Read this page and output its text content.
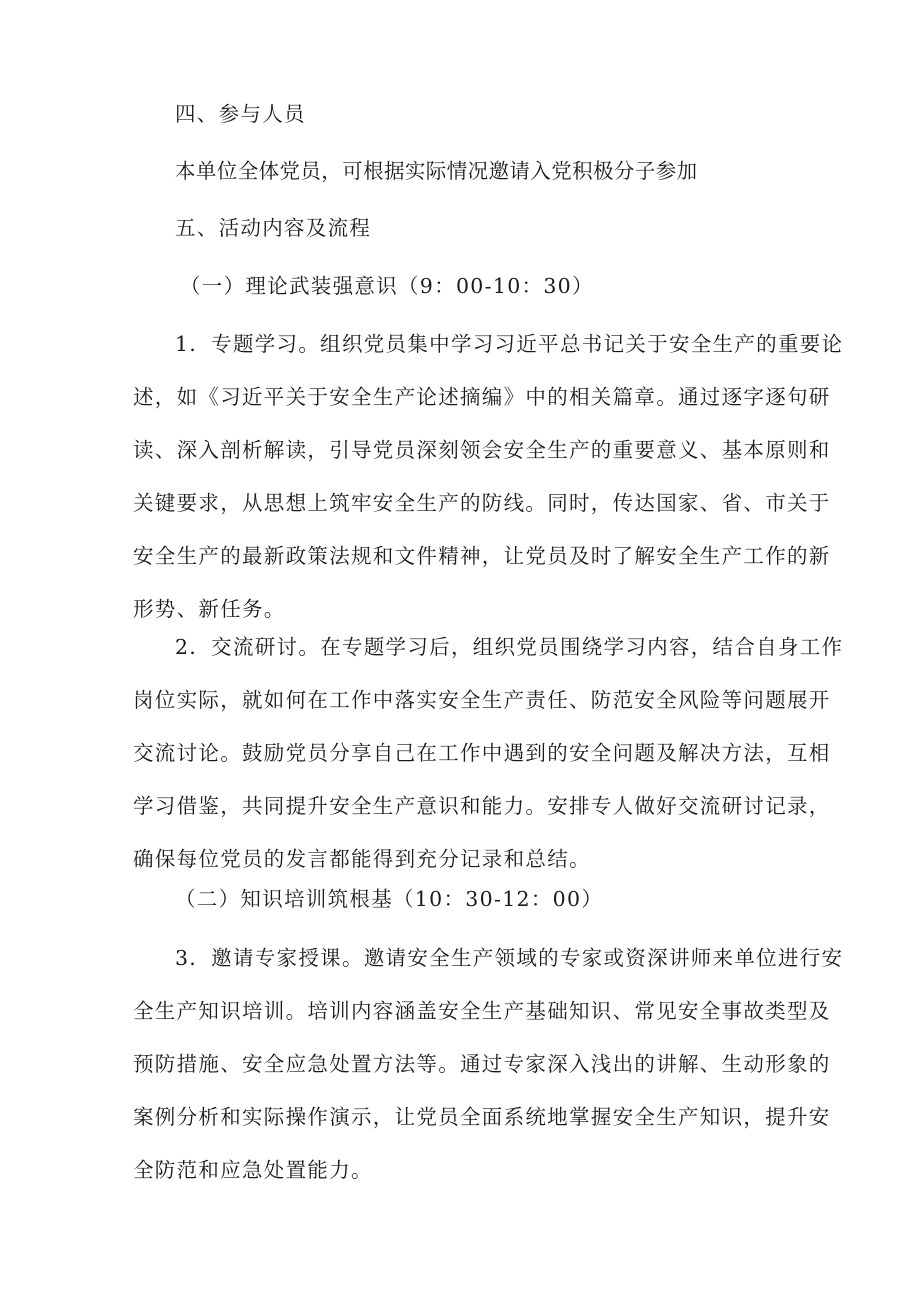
四、参与人员
本单位全体党员，可根据实际情况邀请入党积极分子参加
五、活动内容及流程
（一）理论武装强意识（9：00-10：30）
1．专题学习。组织党员集中学习习近平总书记关于安全生产的重要论
述，如《习近平关于安全生产论述摘编》中的相关篇章。通过逐字逐句研
读、深入剖析解读，引导党员深刻领会安全生产的重要意义、基本原则和
关键要求，从思想上筑牢安全生产的防线。同时，传达国家、省、市关于
安全生产的最新政策法规和文件精神，让党员及时了解安全生产工作的新
形势、新任务。
2．交流研讨。在专题学习后，组织党员围绕学习内容，结合自身工作
岗位实际，就如何在工作中落实安全生产责任、防范安全风险等问题展开
交流讨论。鼓励党员分享自己在工作中遇到的安全问题及解决方法，互相
学习借鉴，共同提升安全生产意识和能力。安排专人做好交流研讨记录，
确保每位党员的发言都能得到充分记录和总结。
（二）知识培训筑根基（10：30-12：00）
3．邀请专家授课。邀请安全生产领域的专家或资深讲师来单位进行安
全生产知识培训。培训内容涵盖安全生产基础知识、常见安全事故类型及
预防措施、安全应急处置方法等。通过专家深入浅出的讲解、生动形象的
案例分析和实际操作演示，让党员全面系统地掌握安全生产知识，提升安
全防范和应急处置能力。
